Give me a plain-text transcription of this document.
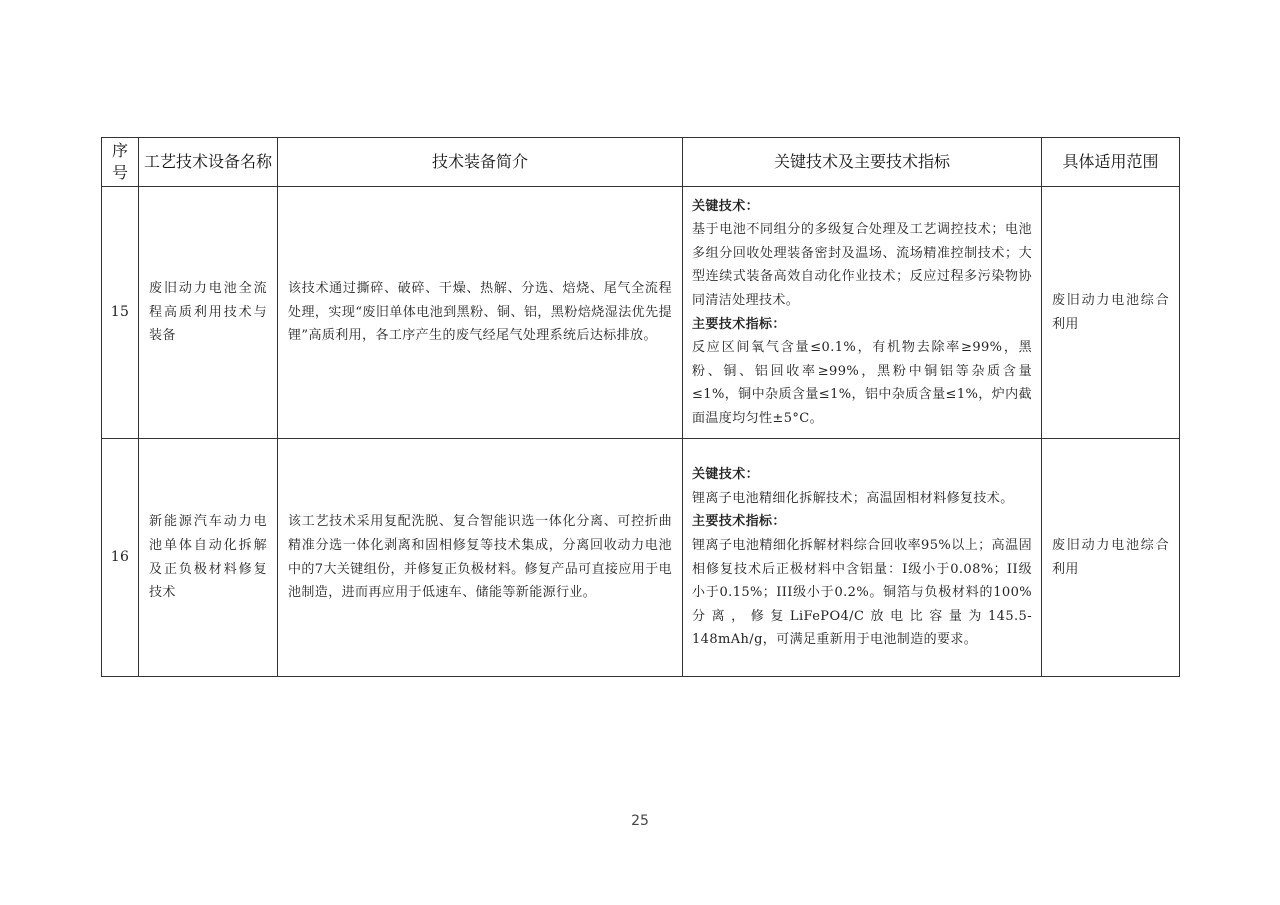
序号	工艺技术设备名称	技术装备简介	关键技术及主要技术指标	具体适用范围
15	废旧动力电池全流程高质利用技术与装备	该技术通过撕碎、破碎、干燥、热解、分选、焙烧、尾气全流程处理，实现“废旧单体电池到黑粉、铜、铝，黑粉焙烧湿法优先提锂”高质利用，各工序产生的废气经尾气处理系统后达标排放。	关键技术：
基于电池不同组分的多级复合处理及工艺调控技术；电池多组分回收处理装备密封及温场、流场精准控制技术；大型连续式装备高效自动化作业技术；反应过程多污染物协同清洁处理技术。
主要技术指标：
反应区间氧气含量≤0.1%，有机物去除率≥99%，黑粉、铜、铝回收率≥99%，黑粉中铜铝等杂质含量≤1%，铜中杂质含量≤1%，铝中杂质含量≤1%，炉内截面温度均匀性±5°C。	废旧动力电池综合利用
16	新能源汽车动力电池单体自动化拆解及正负极材料修复技术	该工艺技术采用复配洗脱、复合智能识选一体化分离、可控折曲精准分选一体化剥离和固相修复等技术集成，分离回收动力电池中的7大关键组份，并修复正负极材料。修复产品可直接应用于电池制造，进而再应用于低速车、储能等新能源行业。	关键技术：
锂离子电池精细化拆解技术；高温固相材料修复技术。
主要技术指标：
锂离子电池精细化拆解材料综合回收率95%以上；高温固相修复技术后正极材料中含铝量：I级小于0.08%；II级小于0.15%；III级小于0.2%。铜箔与负极材料的100%分离，修复LiFePO4/C放电比容量为145.5-148mAh/g，可满足重新用于电池制造的要求。	废旧动力电池综合利用
25
